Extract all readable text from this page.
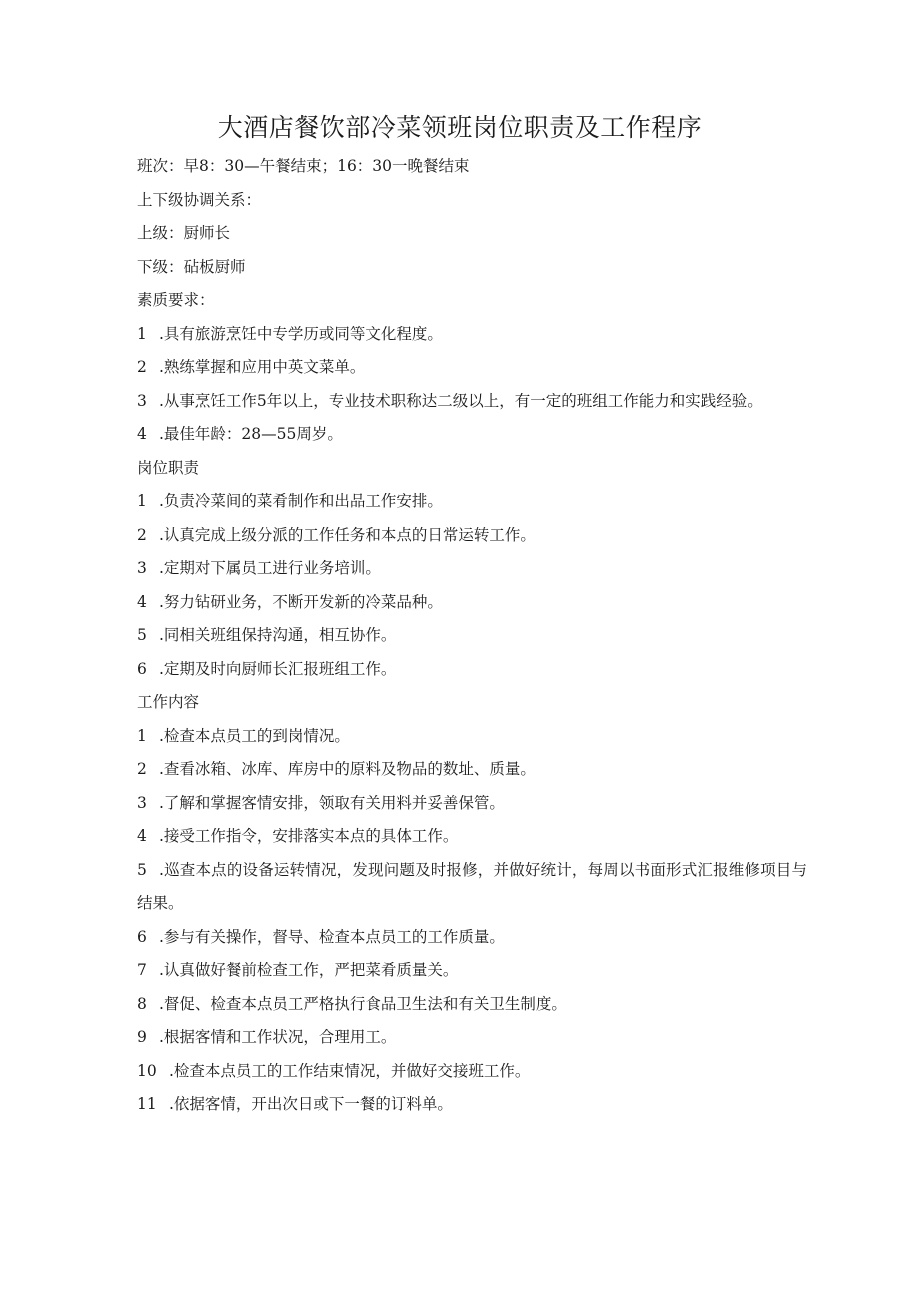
大酒店餐饮部冷菜领班岗位职责及工作程序
班次：早8：30—午餐结束；16：30一晚餐结束
上下级协调关系：
上级：厨师长
下级：砧板厨师
素质要求：
1 .具有旅游烹饪中专学历或同等文化程度。
2 .熟练掌握和应用中英文菜单。
3 .从事烹饪工作5年以上，专业技术职称达二级以上，有一定的班组工作能力和实践经验。
4 .最佳年龄：28—55周岁。
岗位职责
1 .负责冷菜间的菜肴制作和出品工作安排。
2 .认真完成上级分派的工作任务和本点的日常运转工作。
3 .定期对下属员工进行业务培训。
4 .努力钻研业务，不断开发新的冷菜品种。
5 .同相关班组保持沟通，相互协作。
6 .定期及时向厨师长汇报班组工作。
工作内容
1 .检查本点员工的到岗情况。
2 .查看冰箱、冰库、库房中的原料及物品的数址、质量。
3 .了解和掌握客情安排，领取有关用料并妥善保管。
4 .接受工作指令，安排落实本点的具体工作。
5 .巡查本点的设备运转情况，发现问题及时报修，并做好统计，每周以书面形式汇报维修项目与结果。
6 .参与有关操作，督导、检查本点员工的工作质量。
7 .认真做好餐前检查工作，严把菜肴质量关。
8 .督促、检查本点员工严格执行食品卫生法和有关卫生制度。
9 .根据客情和工作状况，合理用工。
10 .检查本点员工的工作结束情况，并做好交接班工作。
11 .依据客情，开出次日或下一餐的订料单。
